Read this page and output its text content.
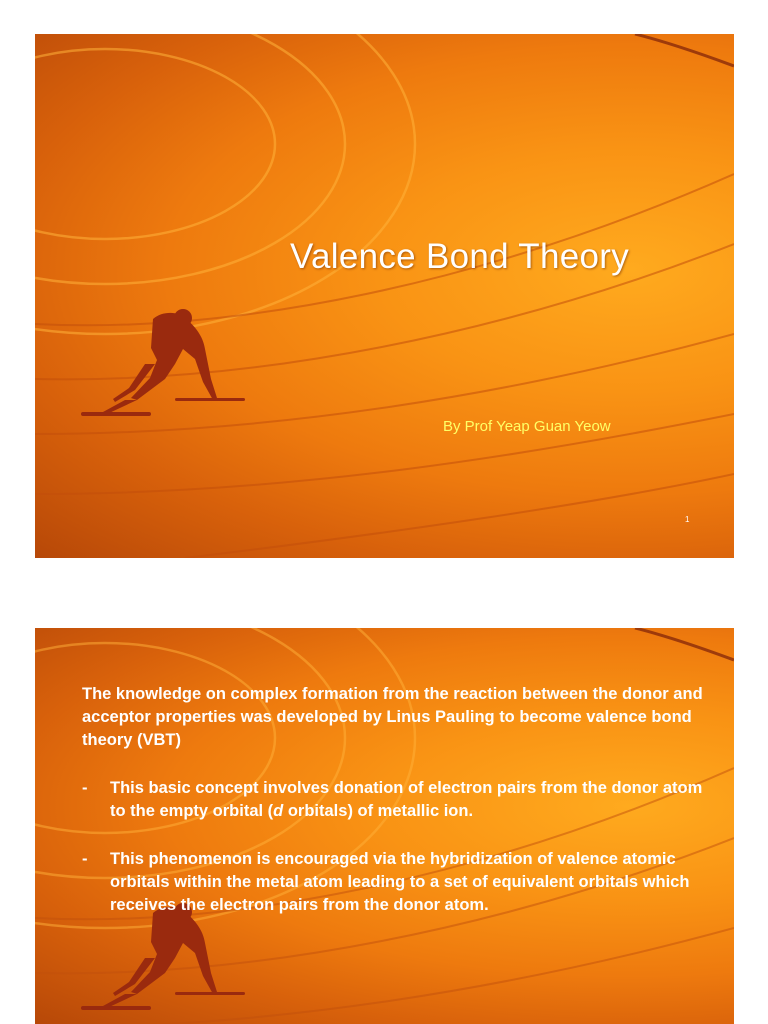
Valence Bond Theory
By Prof Yeap Guan Yeow
1

The knowledge on complex formation from the reaction between the donor and acceptor properties was developed by Linus Pauling to become valence bond theory (VBT)

- This basic concept involves donation of electron pairs from the donor atom to the empty orbital (d orbitals) of metallic ion.

- This phenomenon is encouraged via the hybridization of valence atomic orbitals within the metal atom leading to a set of equivalent orbitals which receives the electron pairs from the donor atom.
